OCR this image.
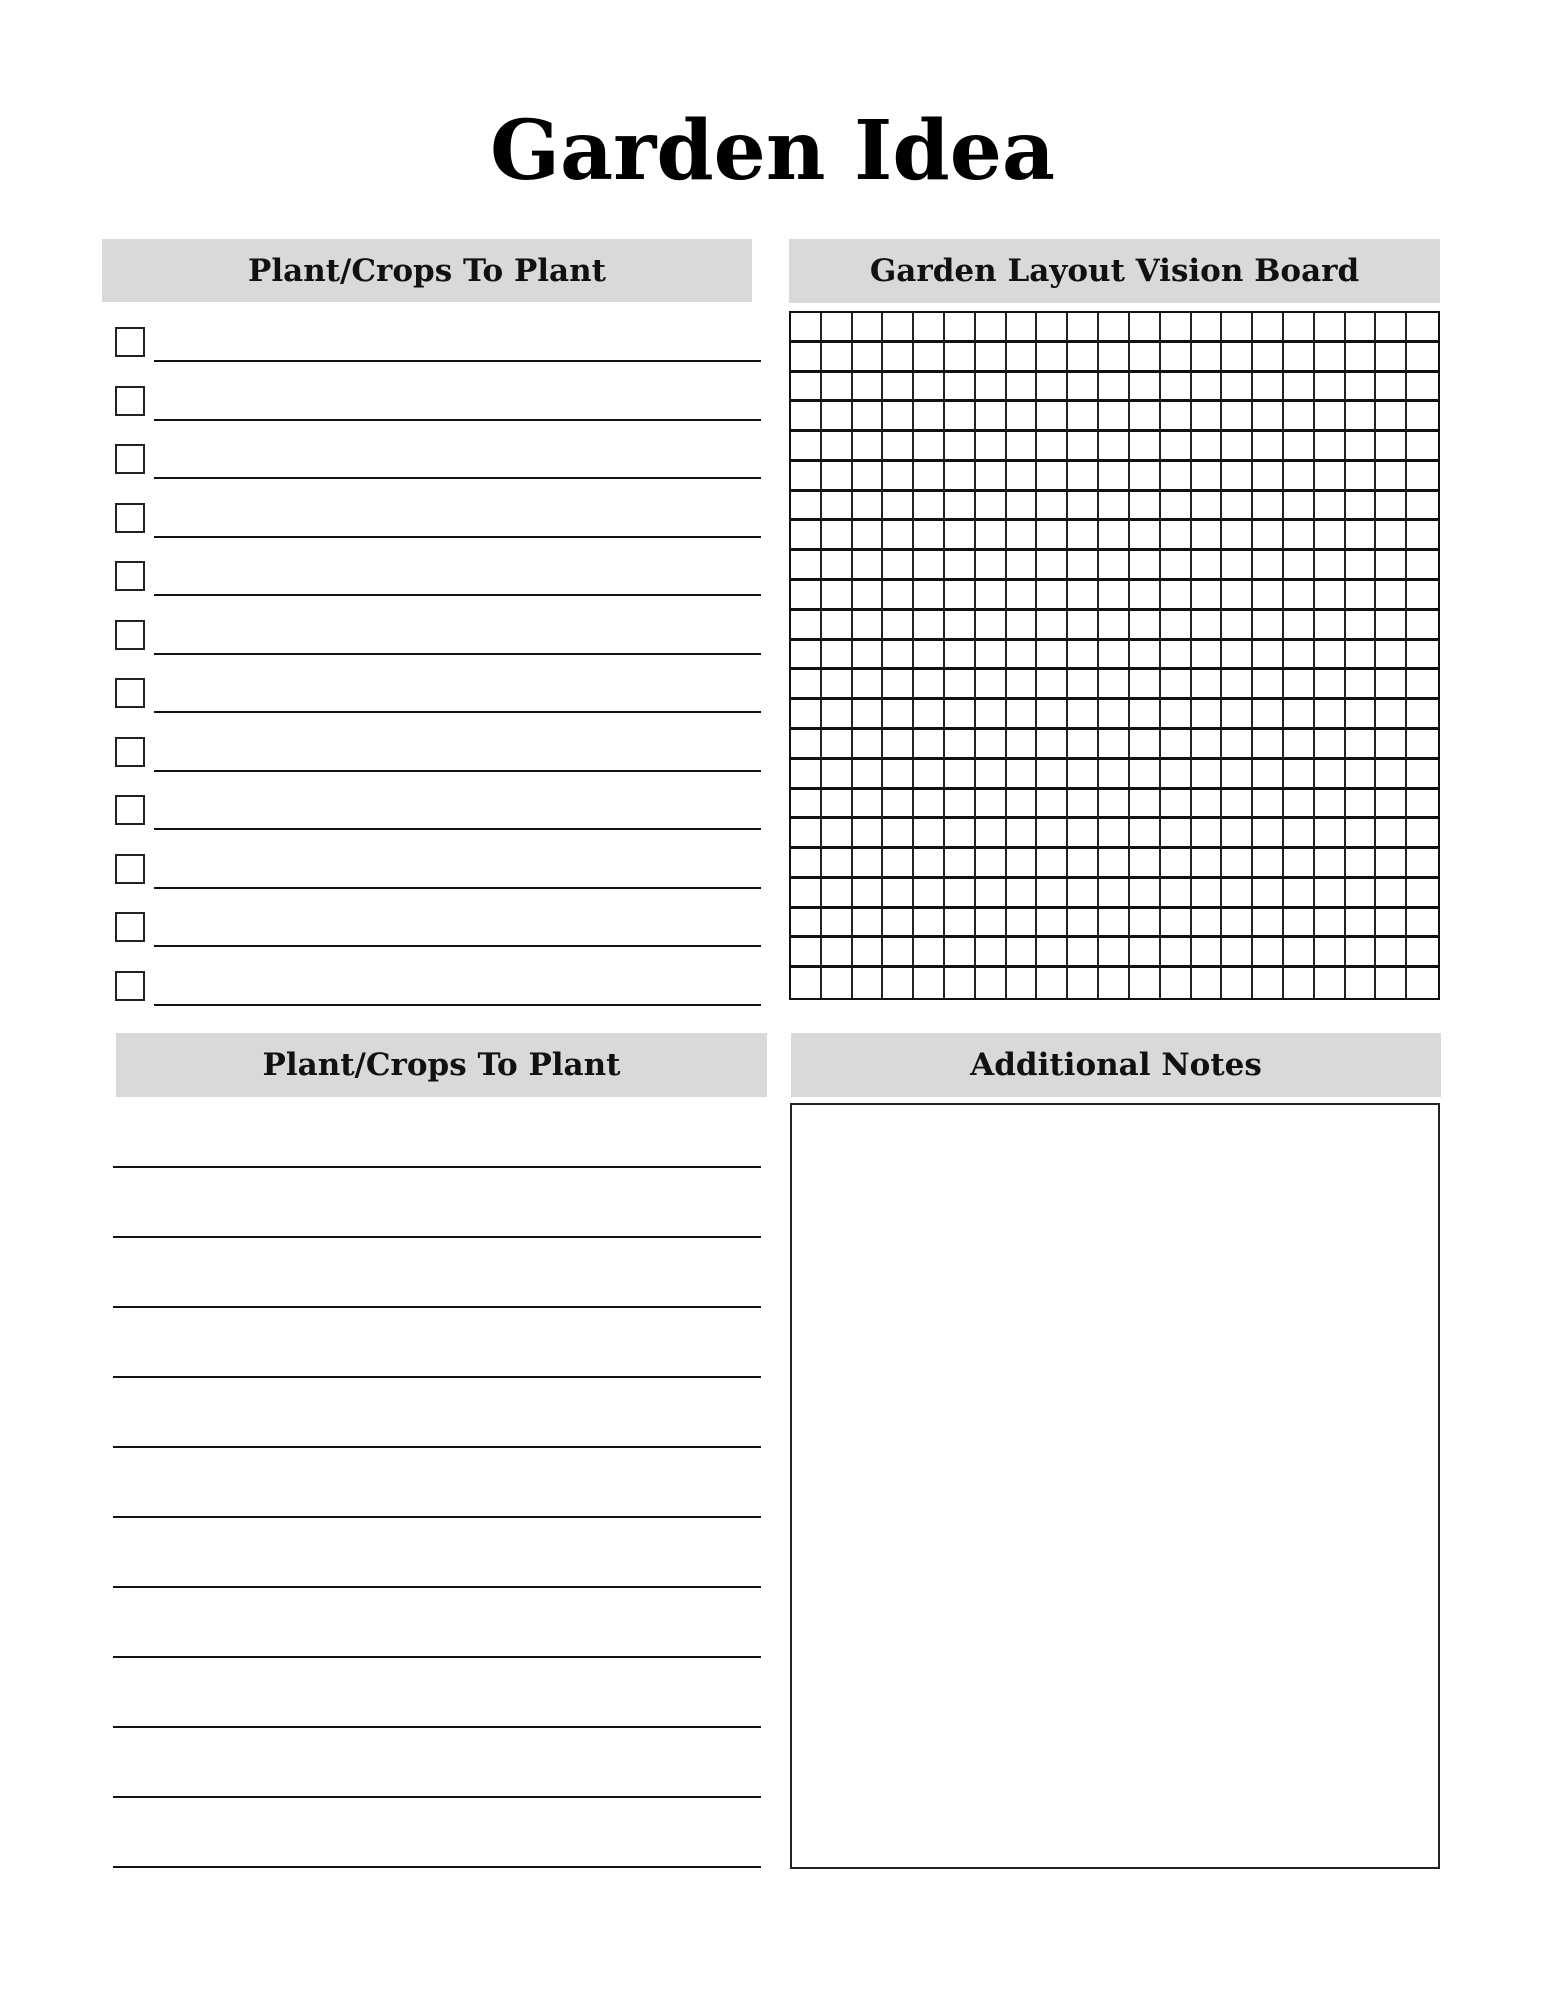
Garden Idea
Plant/Crops To Plant	Garden Layout Vision Board
Plant/Crops To Plant	Additional Notes
